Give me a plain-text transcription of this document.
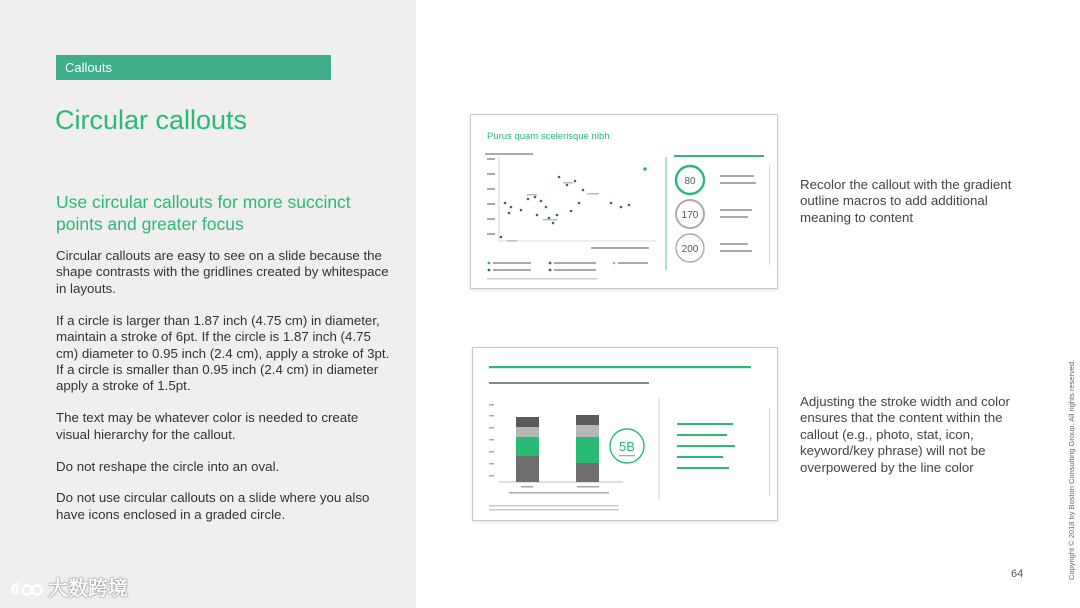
Callouts
Circular callouts
Use circular callouts for more succinct points and greater focus

Circular callouts are easy to see on a slide because the shape contrasts with the gridlines created by whitespace in layouts.

If a circle is larger than 1.87 inch (4.75 cm) in diameter, maintain a stroke of 6pt. If the circle is 1.87 inch (4.75 cm) diameter to 0.95 inch (2.4 cm), apply a stroke of 3pt. If a circle is smaller than 0.95 inch (2.4 cm) in diameter apply a stroke of 1.5pt.

The text may be whatever color is needed to create visual hierarchy for the callout.

Do not reshape the circle into an oval.

Do not use circular callouts on a slide where you also have icons enclosed in a graded circle.

大数跨境
Purus quam scelerisque nibh
80
170
200
5B
Recolor the callout with the gradient outline macros to add additional meaning to content
Adjusting the stroke width and color ensures that the content within the callout (e.g., photo, stat, icon, keyword/key phrase) will not be overpowered by the line color
64	Copyright © 2018 by Boston Consulting Group. All rights reserved.
